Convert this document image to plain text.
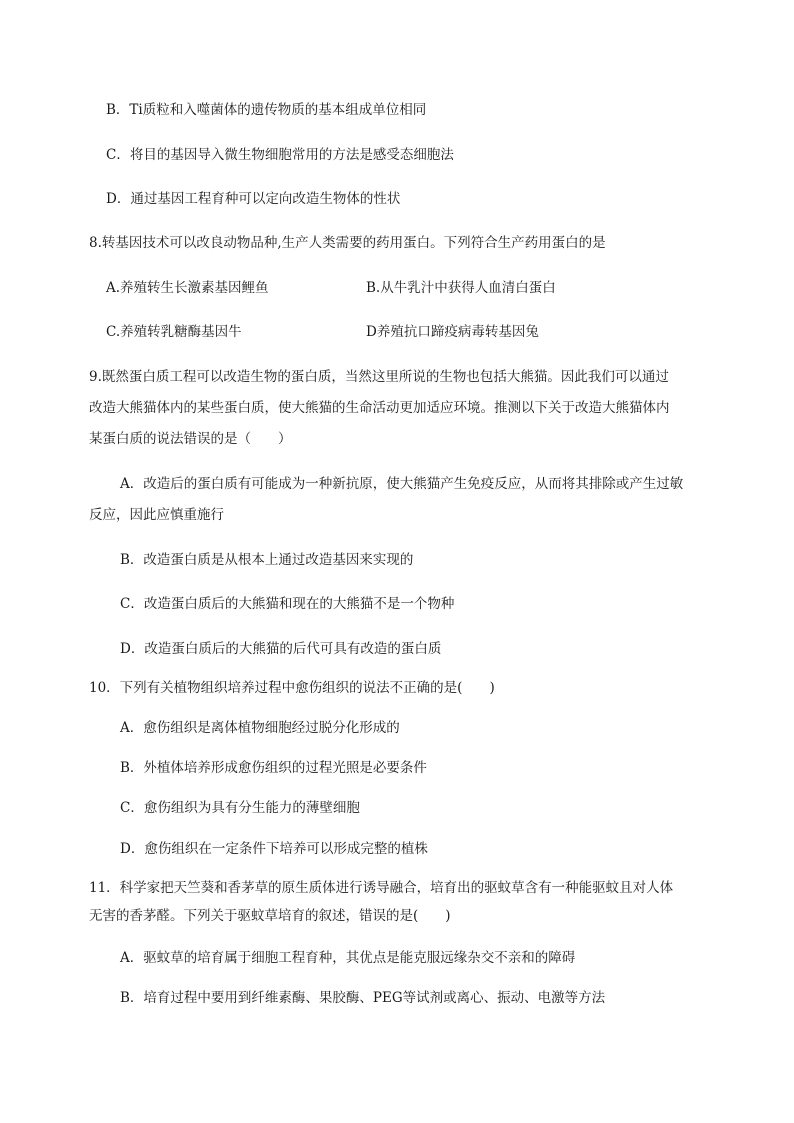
B．Ti质粒和入噬菌体的遗传物质的基本组成单位相同
C．将目的基因导入微生物细胞常用的方法是感受态细胞法
D．通过基因工程育种可以定向改造生物体的性状
8.转基因技术可以改良动物品种,生产人类需要的药用蛋白。下列符合生产药用蛋白的是
A.养殖转生长激素基因鲤鱼	B.从牛乳汁中获得人血清白蛋白
C.养殖转乳糖酶基因牛	D养殖抗口蹄疫病毒转基因兔
9.既然蛋白质工程可以改造生物的蛋白质，当然这里所说的生物也包括大熊猫。因此我们可以通过
改造大熊猫体内的某些蛋白质，使大熊猫的生命活动更加适应环境。推测以下关于改造大熊猫体内
某蛋白质的说法错误的是（　　）
A．改造后的蛋白质有可能成为一种新抗原，使大熊猫产生免疫反应，从而将其排除或产生过敏
反应，因此应慎重施行
B．改造蛋白质是从根本上通过改造基因来实现的
C．改造蛋白质后的大熊猫和现在的大熊猫不是一个物种
D．改造蛋白质后的大熊猫的后代可具有改造的蛋白质
10．下列有关植物组织培养过程中愈伤组织的说法不正确的是(　　)
A．愈伤组织是离体植物细胞经过脱分化形成的
B．外植体培养形成愈伤组织的过程光照是必要条件
C．愈伤组织为具有分生能力的薄壁细胞
D．愈伤组织在一定条件下培养可以形成完整的植株
11．科学家把天竺葵和香茅草的原生质体进行诱导融合，培育出的驱蚊草含有一种能驱蚊且对人体
无害的香茅醛。下列关于驱蚊草培育的叙述，错误的是(　　)
A．驱蚊草的培育属于细胞工程育种，其优点是能克服远缘杂交不亲和的障碍
B．培育过程中要用到纤维素酶、果胶酶、PEG等试剂或离心、振动、电激等方法
